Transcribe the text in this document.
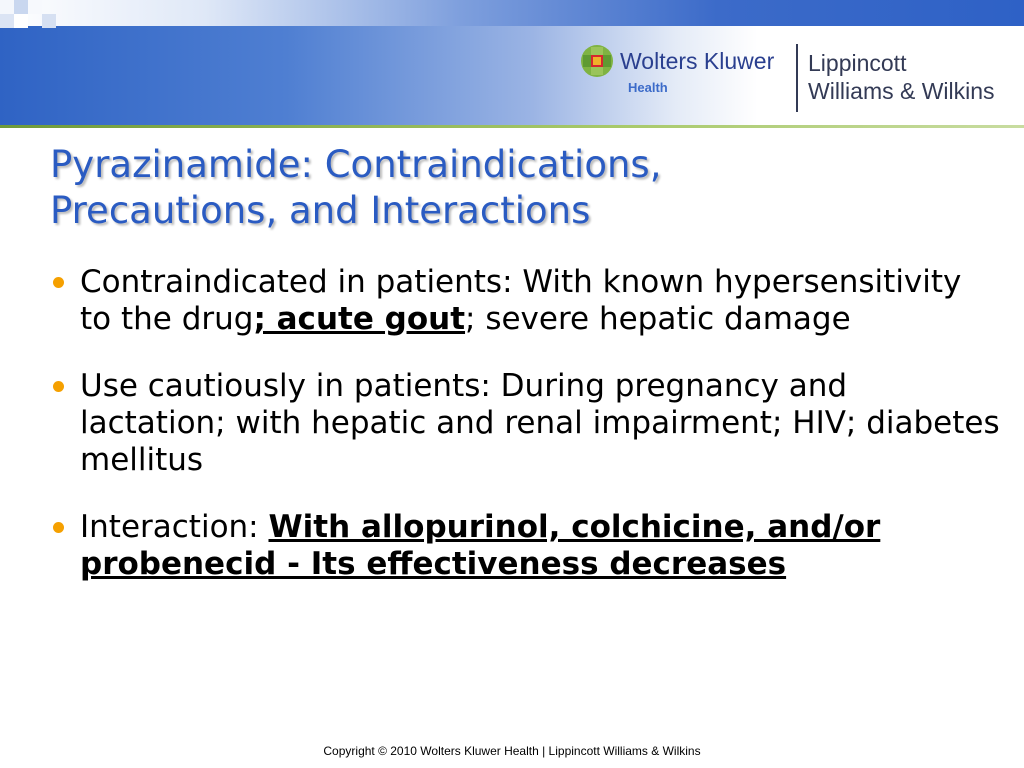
Wolters Kluwer
Health
Lippincott
Williams & Wilkins
Pyrazinamide: Contraindications,
Precautions, and Interactions
Contraindicated in patients: With known hypersensitivity to the drug; acute gout; severe hepatic damage
Use cautiously in patients: During pregnancy and lactation; with hepatic and renal impairment; HIV; diabetes mellitus
Interaction: With allopurinol, colchicine, and/or probenecid - Its effectiveness decreases
Copyright © 2010 Wolters Kluwer Health | Lippincott Williams & Wilkins
